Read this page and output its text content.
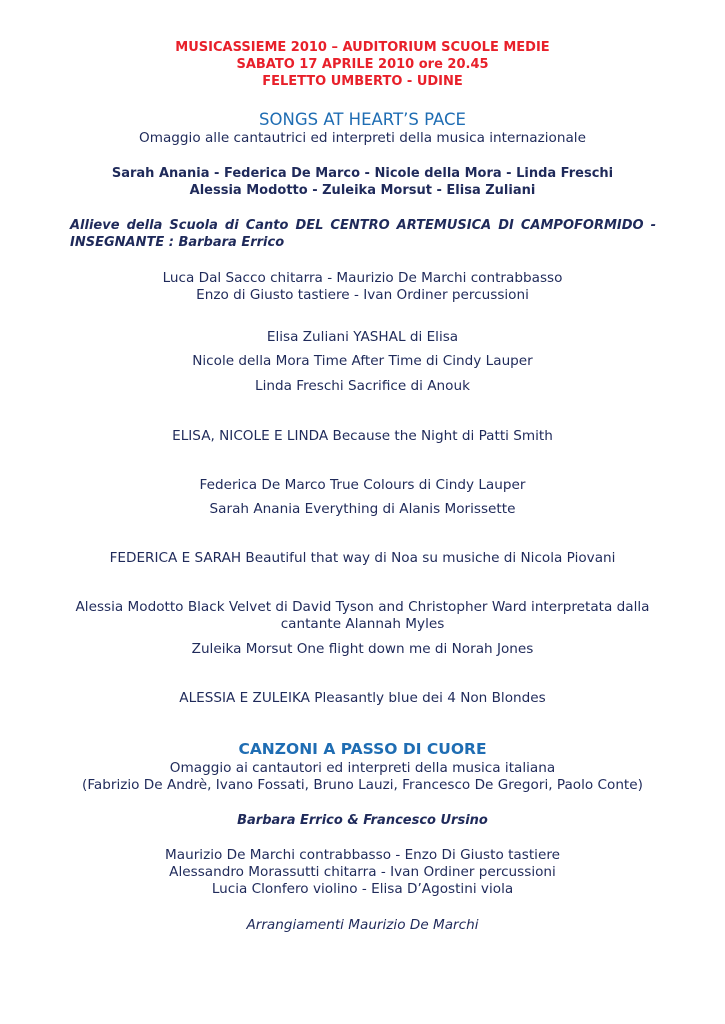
MUSICASSIEME 2010 – AUDITORIUM SCUOLE MEDIE
SABATO 17 APRILE 2010 ore 20.45
FELETTO UMBERTO - UDINE
SONGS AT HEART’S PACE
Omaggio alle cantautrici ed interpreti della musica internazionale
Sarah Anania - Federica De Marco - Nicole della Mora - Linda Freschi
Alessia Modotto - Zuleika Morsut - Elisa Zuliani
Allieve della Scuola di Canto DEL CENTRO ARTEMUSICA DI CAMPOFORMIDO -
INSEGNANTE : Barbara Errico
Luca Dal Sacco chitarra - Maurizio De Marchi contrabbasso
Enzo di Giusto tastiere - Ivan Ordiner percussioni
Elisa Zuliani YASHAL di Elisa
Nicole della Mora Time After Time di Cindy Lauper
Linda Freschi Sacrifice di Anouk
ELISA, NICOLE E LINDA Because the Night di Patti Smith
Federica De Marco True Colours di Cindy Lauper
Sarah Anania Everything di Alanis Morissette
FEDERICA E SARAH Beautiful that way di Noa su musiche di Nicola Piovani
Alessia Modotto Black Velvet di David Tyson and Christopher Ward interpretata dalla
cantante Alannah Myles
Zuleika Morsut One flight down me di Norah Jones
ALESSIA E ZULEIKA Pleasantly blue dei 4 Non Blondes
CANZONI A PASSO DI CUORE
Omaggio ai cantautori ed interpreti della musica italiana
(Fabrizio De Andrè, Ivano Fossati, Bruno Lauzi, Francesco De Gregori, Paolo Conte)
Barbara Errico & Francesco Ursino
Maurizio De Marchi contrabbasso - Enzo Di Giusto tastiere
Alessandro Morassutti chitarra - Ivan Ordiner percussioni
Lucia Clonfero violino - Elisa D’Agostini viola
Arrangiamenti Maurizio De Marchi
